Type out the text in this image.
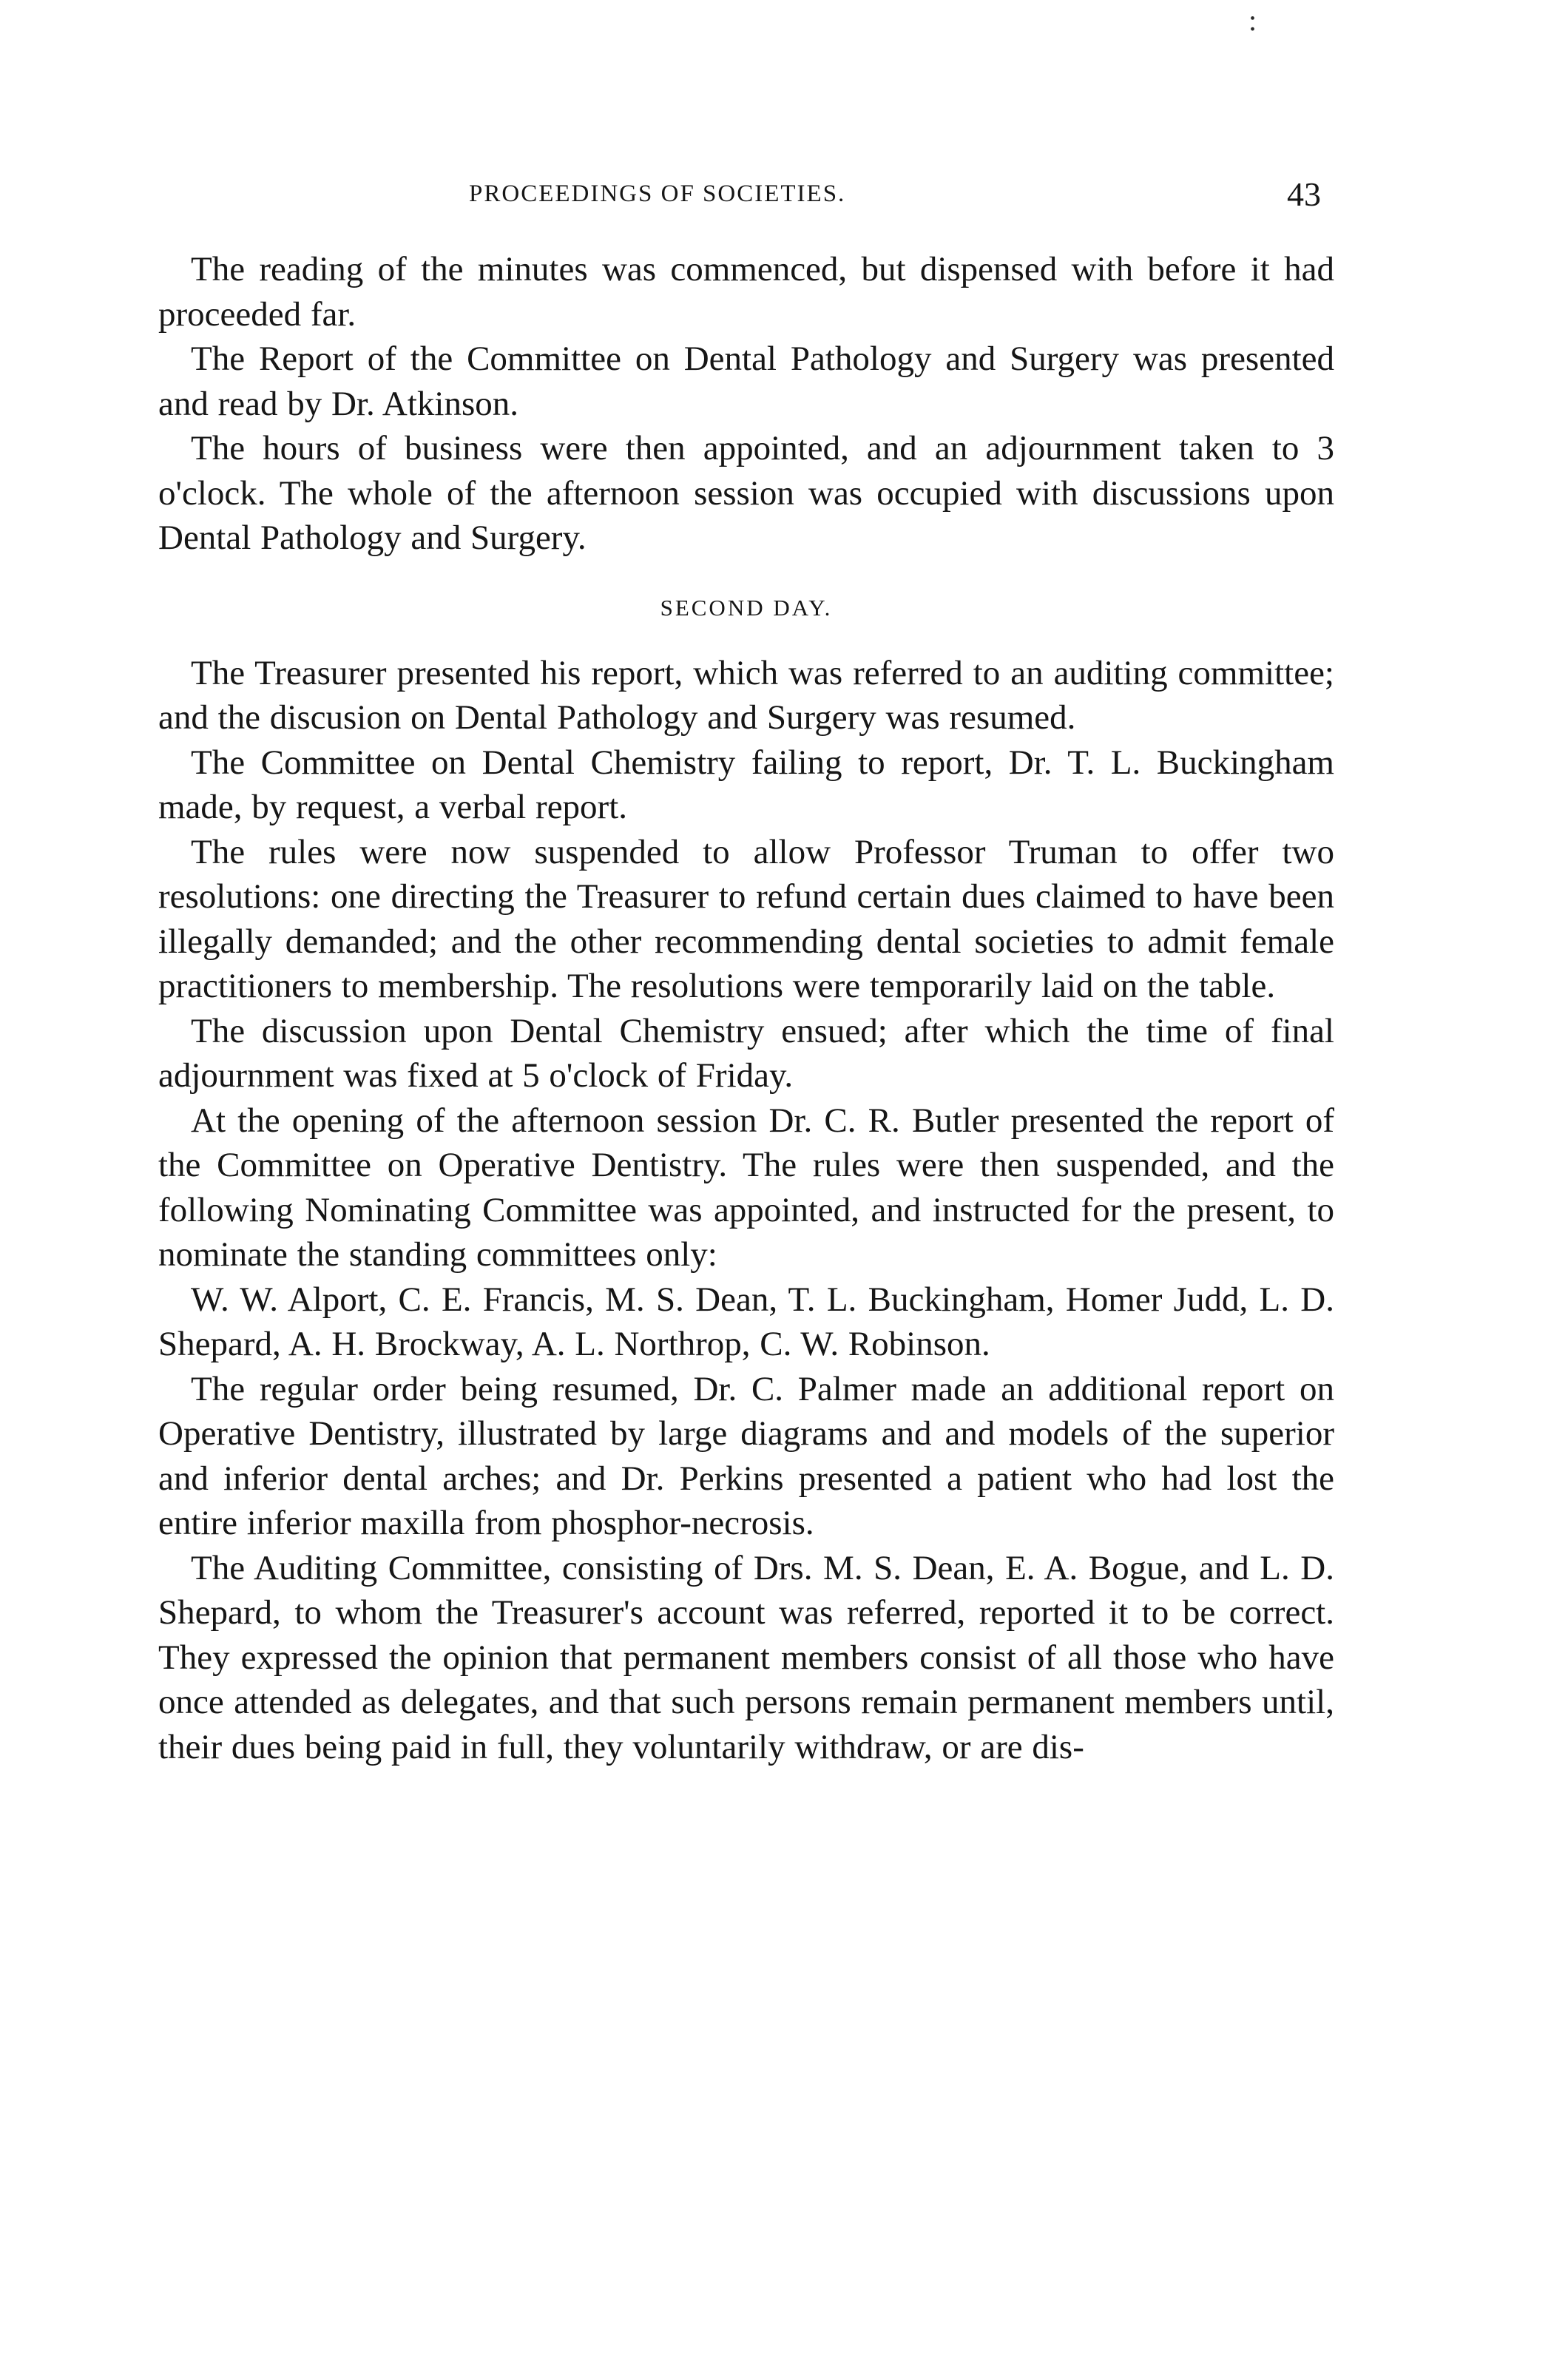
:
PROCEEDINGS OF SOCIETIES.	43

The reading of the minutes was commenced, but dispensed with before it had proceeded far.

The Report of the Committee on Dental Pathology and Surgery was presented and read by Dr. Atkinson.

The hours of business were then appointed, and an adjournment taken to 3 o'clock. The whole of the afternoon session was occupied with discussions upon Dental Pathology and Surgery.

SECOND DAY.

The Treasurer presented his report, which was referred to an auditing committee; and the discusion on Dental Pathology and Surgery was resumed.

The Committee on Dental Chemistry failing to report, Dr. T. L. Buckingham made, by request, a verbal report.

The rules were now suspended to allow Professor Truman to offer two resolutions: one directing the Treasurer to refund certain dues claimed to have been illegally demanded; and the other recommending dental societies to admit female practitioners to membership. The resolutions were temporarily laid on the table.

The discussion upon Dental Chemistry ensued; after which the time of final adjournment was fixed at 5 o'clock of Friday.

At the opening of the afternoon session Dr. C. R. Butler presented the report of the Committee on Operative Dentistry. The rules were then suspended, and the following Nominating Committee was appointed, and instructed for the present, to nominate the standing committees only:

W. W. Alport, C. E. Francis, M. S. Dean, T. L. Buckingham, Homer Judd, L. D. Shepard, A. H. Brockway, A. L. Northrop, C. W. Robinson.

The regular order being resumed, Dr. C. Palmer made an additional report on Operative Dentistry, illustrated by large diagrams and and models of the superior and inferior dental arches; and Dr. Perkins presented a patient who had lost the entire inferior maxilla from phosphor-necrosis.

The Auditing Committee, consisting of Drs. M. S. Dean, E. A. Bogue, and L. D. Shepard, to whom the Treasurer's account was referred, reported it to be correct. They expressed the opinion that permanent members consist of all those who have once attended as delegates, and that such persons remain permanent members until, their dues being paid in full, they voluntarily withdraw, or are dis-
